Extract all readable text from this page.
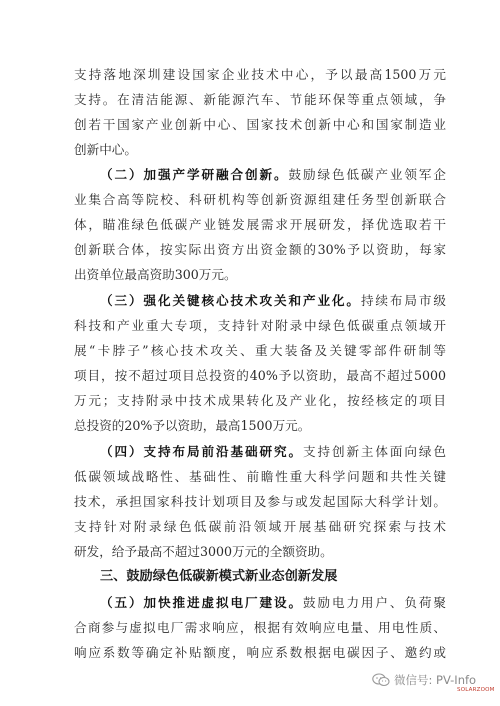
支持落地深圳建设国家企业技术中心，予以最高1500万元
支持。在清洁能源、新能源汽车、节能环保等重点领域，争
创若干国家产业创新中心、国家技术创新中心和国家制造业
创新中心。
（二）加强产学研融合创新。鼓励绿色低碳产业领军企
业集合高等院校、科研机构等创新资源组建任务型创新联合
体，瞄准绿色低碳产业链发展需求开展研发，择优选取若干
创新联合体，按实际出资方出资金额的30%予以资助，每家
出资单位最高资助300万元。
（三）强化关键核心技术攻关和产业化。持续布局市级
科技和产业重大专项，支持针对附录中绿色低碳重点领域开
展“卡脖子”核心技术攻关、重大装备及关键零部件研制等
项目，按不超过项目总投资的40%予以资助，最高不超过5000
万元；支持附录中技术成果转化及产业化，按经核定的项目
总投资的20%予以资助，最高1500万元。
（四）支持布局前沿基础研究。支持创新主体面向绿色
低碳领域战略性、基础性、前瞻性重大科学问题和共性关键
技术，承担国家科技计划项目及参与或发起国际大科学计划。
支持针对附录绿色低碳前沿领域开展基础研究探索与技术
研发，给予最高不超过3000万元的全额资助。
三、鼓励绿色低碳新模式新业态创新发展
（五）加快推进虚拟电厂建设。鼓励电力用户、负荷聚
合商参与虚拟电厂需求响应，根据有效响应电量、用电性质、
响应系数等确定补贴额度，响应系数根据电碳因子、邀约或
微信号: PV-Info
SOLARZOOM
